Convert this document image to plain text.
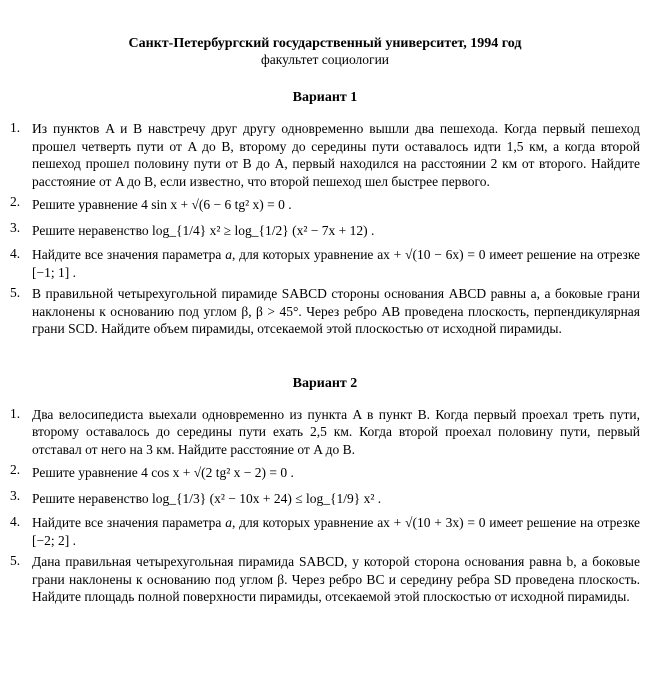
Санкт-Петербургский государственный университет, 1994 год
факультет социологии
Вариант 1
1. Из пунктов A и B навстречу друг другу одновременно вышли два пешехода. Когда первый пешеход прошел четверть пути от A до B, второму до середины пути оставалось идти 1,5 км, а когда второй пешеход прошел половину пути от B до A, первый находился на расстоянии 2 км от второго. Найдите расстояние от A до B, если известно, что второй пешеход шел быстрее первого.
2. Решите уравнение 4 sin x + √(6 − 6 tg² x) = 0 .
3. Решите неравенство log_{1/4} x² ≥ log_{1/2} (x² − 7x + 12) .
4. Найдите все значения параметра a, для которых уравнение ax + √(10 − 6x) = 0 имеет решение на отрезке [−1; 1] .
5. В правильной четырехугольной пирамиде SABCD стороны основания ABCD равны a, а боковые грани наклонены к основанию под углом β, β > 45°. Через ребро AB проведена плоскость, перпендикулярная грани SCD. Найдите объем пирамиды, отсекаемой этой плоскостью от исходной пирамиды.
Вариант 2
1. Два велосипедиста выехали одновременно из пункта A в пункт B. Когда первый проехал треть пути, второму оставалось до середины пути ехать 2,5 км. Когда второй проехал половину пути, первый отставал от него на 3 км. Найдите расстояние от A до B.
2. Решите уравнение 4 cos x + √(2 tg² x − 2) = 0 .
3. Решите неравенство log_{1/3} (x² − 10x + 24) ≤ log_{1/9} x² .
4. Найдите все значения параметра a, для которых уравнение ax + √(10 + 3x) = 0 имеет решение на отрезке [−2; 2] .
5. Дана правильная четырехугольная пирамида SABCD, у которой сторона основания равна b, а боковые грани наклонены к основанию под углом β. Через ребро BC и середину ребра SD проведена плоскость. Найдите площадь полной поверхности пирамиды, отсекаемой этой плоскостью от исходной пирамиды.
